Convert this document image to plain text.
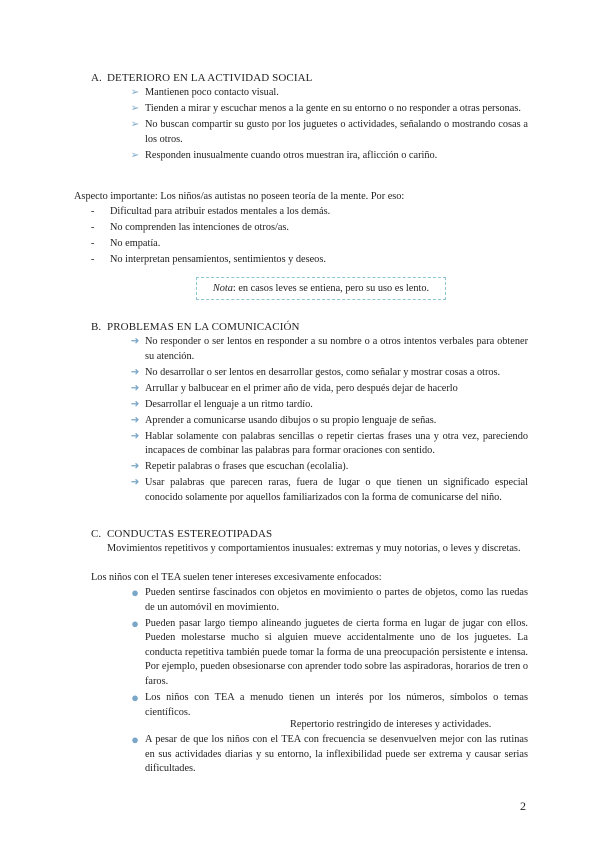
A. DETERIORO EN LA ACTIVIDAD SOCIAL
➢ Mantienen poco contacto visual.
➢ Tienden a mirar y escuchar menos a la gente en su entorno o no responder a otras personas.
➢ No buscan compartir su gusto por los juguetes o actividades, señalando o mostrando cosas a los otros.
➢ Responden inusualmente cuando otros muestran ira, aflicción o cariño.
Aspecto importante: Los niños/as autistas no poseen teoría de la mente. Por eso:
- Dificultad para atribuir estados mentales a los demás.
- No comprenden las intenciones de otros/as.
- No empatía.
- No interpretan pensamientos, sentimientos y deseos.
Nota: en casos leves se entiena, pero su uso es lento.
B. PROBLEMAS EN LA COMUNICACIÓN
➜ No responder o ser lentos en responder a su nombre o a otros intentos verbales para obtener su atención.
➜ No desarrollar o ser lentos en desarrollar gestos, como señalar y mostrar cosas a otros.
➜ Arrullar y balbucear en el primer año de vida, pero después dejar de hacerlo
➜ Desarrollar el lenguaje a un ritmo tardío.
➜ Aprender a comunicarse usando dibujos o su propio lenguaje de señas.
➜ Hablar solamente con palabras sencillas o repetir ciertas frases una y otra vez, pareciendo incapaces de combinar las palabras para formar oraciones con sentido.
➜ Repetir palabras o frases que escuchan (ecolalia).
➜ Usar palabras que parecen raras, fuera de lugar o que tienen un significado especial conocido solamente por aquellos familiarizados con la forma de comunicarse del niño.
C. CONDUCTAS ESTEREOTIPADAS
Movimientos repetitivos y comportamientos inusuales: extremas y muy notorias, o leves y discretas.
Los niños con el TEA suelen tener intereses excesivamente enfocados:
● Pueden sentirse fascinados con objetos en movimiento o partes de objetos, como las ruedas de un automóvil en movimiento.
● Pueden pasar largo tiempo alineando juguetes de cierta forma en lugar de jugar con ellos. Pueden molestarse mucho si alguien mueve accidentalmente uno de los juguetes. La conducta repetitiva también puede tomar la forma de una preocupación persistente e intensa. Por ejemplo, pueden obsesionarse con aprender todo sobre las aspiradoras, horarios de tren o faros.
● Los niños con TEA a menudo tienen un interés por los números, símbolos o temas científicos.
Repertorio restringido de intereses y actividades.
● A pesar de que los niños con el TEA con frecuencia se desenvuelven mejor con las rutinas en sus actividades diarias y su entorno, la inflexibilidad puede ser extrema y causar serias dificultades.
2
